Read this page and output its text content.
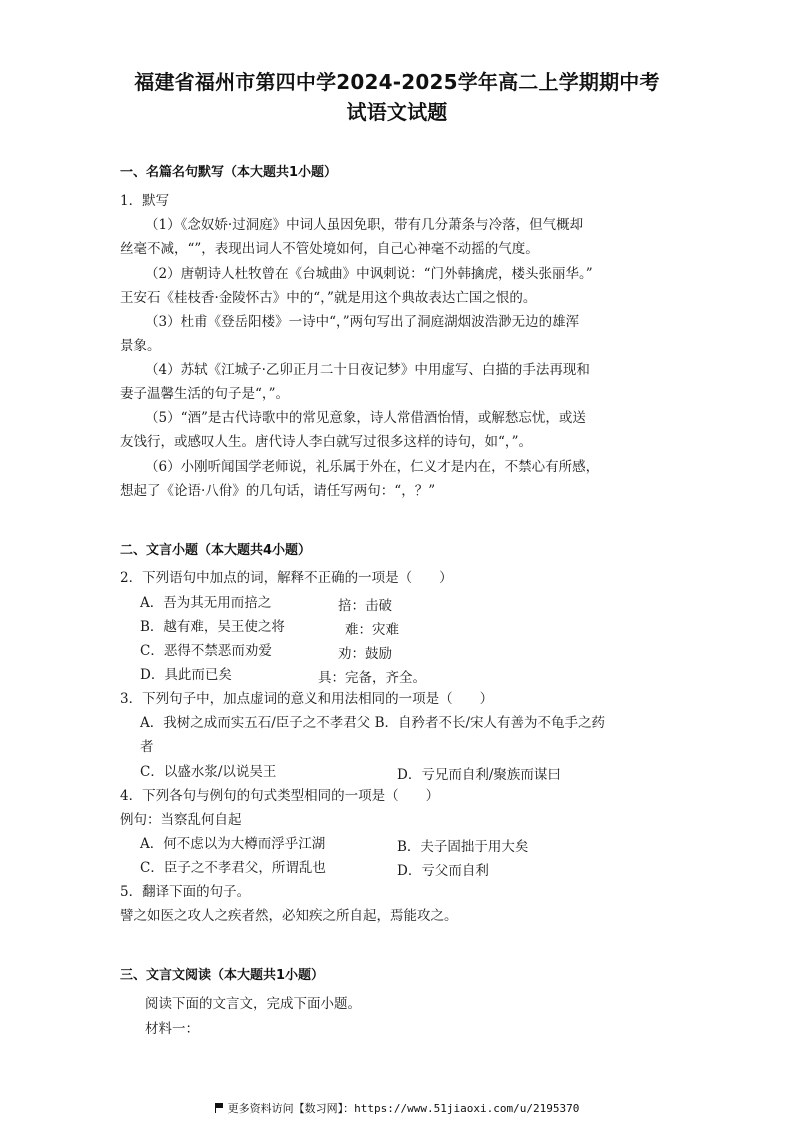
福建省福州市第四中学2024-2025学年高二上学期期中考
试语文试题
一、名篇名句默写（本大题共1小题）
1．默写
（1）《念奴娇·过洞庭》中词人虽因免职，带有几分萧条与冷落，但气概却
丝毫不减，“”，表现出词人不管处境如何，自己心神毫不动摇的气度。
（2）唐朝诗人杜牧曾在《台城曲》中讽刺说：“门外韩擒虎，楼头张丽华。”
王安石《桂枝香·金陵怀古》中的“，”就是用这个典故表达亡国之恨的。
（3）杜甫《登岳阳楼》一诗中“，”两句写出了洞庭湖烟波浩渺无边的雄浑
景象。
（4）苏轼《江城子·乙卯正月二十日夜记梦》中用虚写、白描的手法再现和
妻子温馨生活的句子是“，”。
（5）“酒”是古代诗歌中的常见意象，诗人常借酒怡情，或解愁忘忧，或送
友饯行，或感叹人生。唐代诗人李白就写过很多这样的诗句，如“，”。
（6）小刚听闻国学老师说，礼乐属于外在，仁义才是内在，不禁心有所感，
想起了《论语·八佾》的几句话，请任写两句：“，？”
二、文言小题（本大题共4小题）
2．下列语句中加点的词，解释不正确的一项是（　　）
A．吾为其无用而掊之	掊：击破
B．越有难，吴王使之将	难：灾难
C．恶得不禁恶而劝爱	劝：鼓励
D．具此而已矣	具：完备，齐全。
3．下列句子中，加点虚词的意义和用法相同的一项是（　　）
A．我树之成而实五石/臣子之不孝君父 B．自矜者不长/宋人有善为不龟手之药
者
C．以盛水浆/以说吴王	D．亏兄而自利/聚族而谋曰
4．下列各句与例句的句式类型相同的一项是（　　）
例句：当察乱何自起
A．何不虑以为大樽而浮乎江湖	B．夫子固拙于用大矣
C．臣子之不孝君父，所谓乱也	D．亏父而自利
5．翻译下面的句子。
譬之如医之攻人之疾者然，必知疾之所自起，焉能攻之。
三、文言文阅读（本大题共1小题）
阅读下面的文言文，完成下面小题。
材料一：
更多资料访问【数习网】：https://www.51jiaoxi.com/u/2195370
